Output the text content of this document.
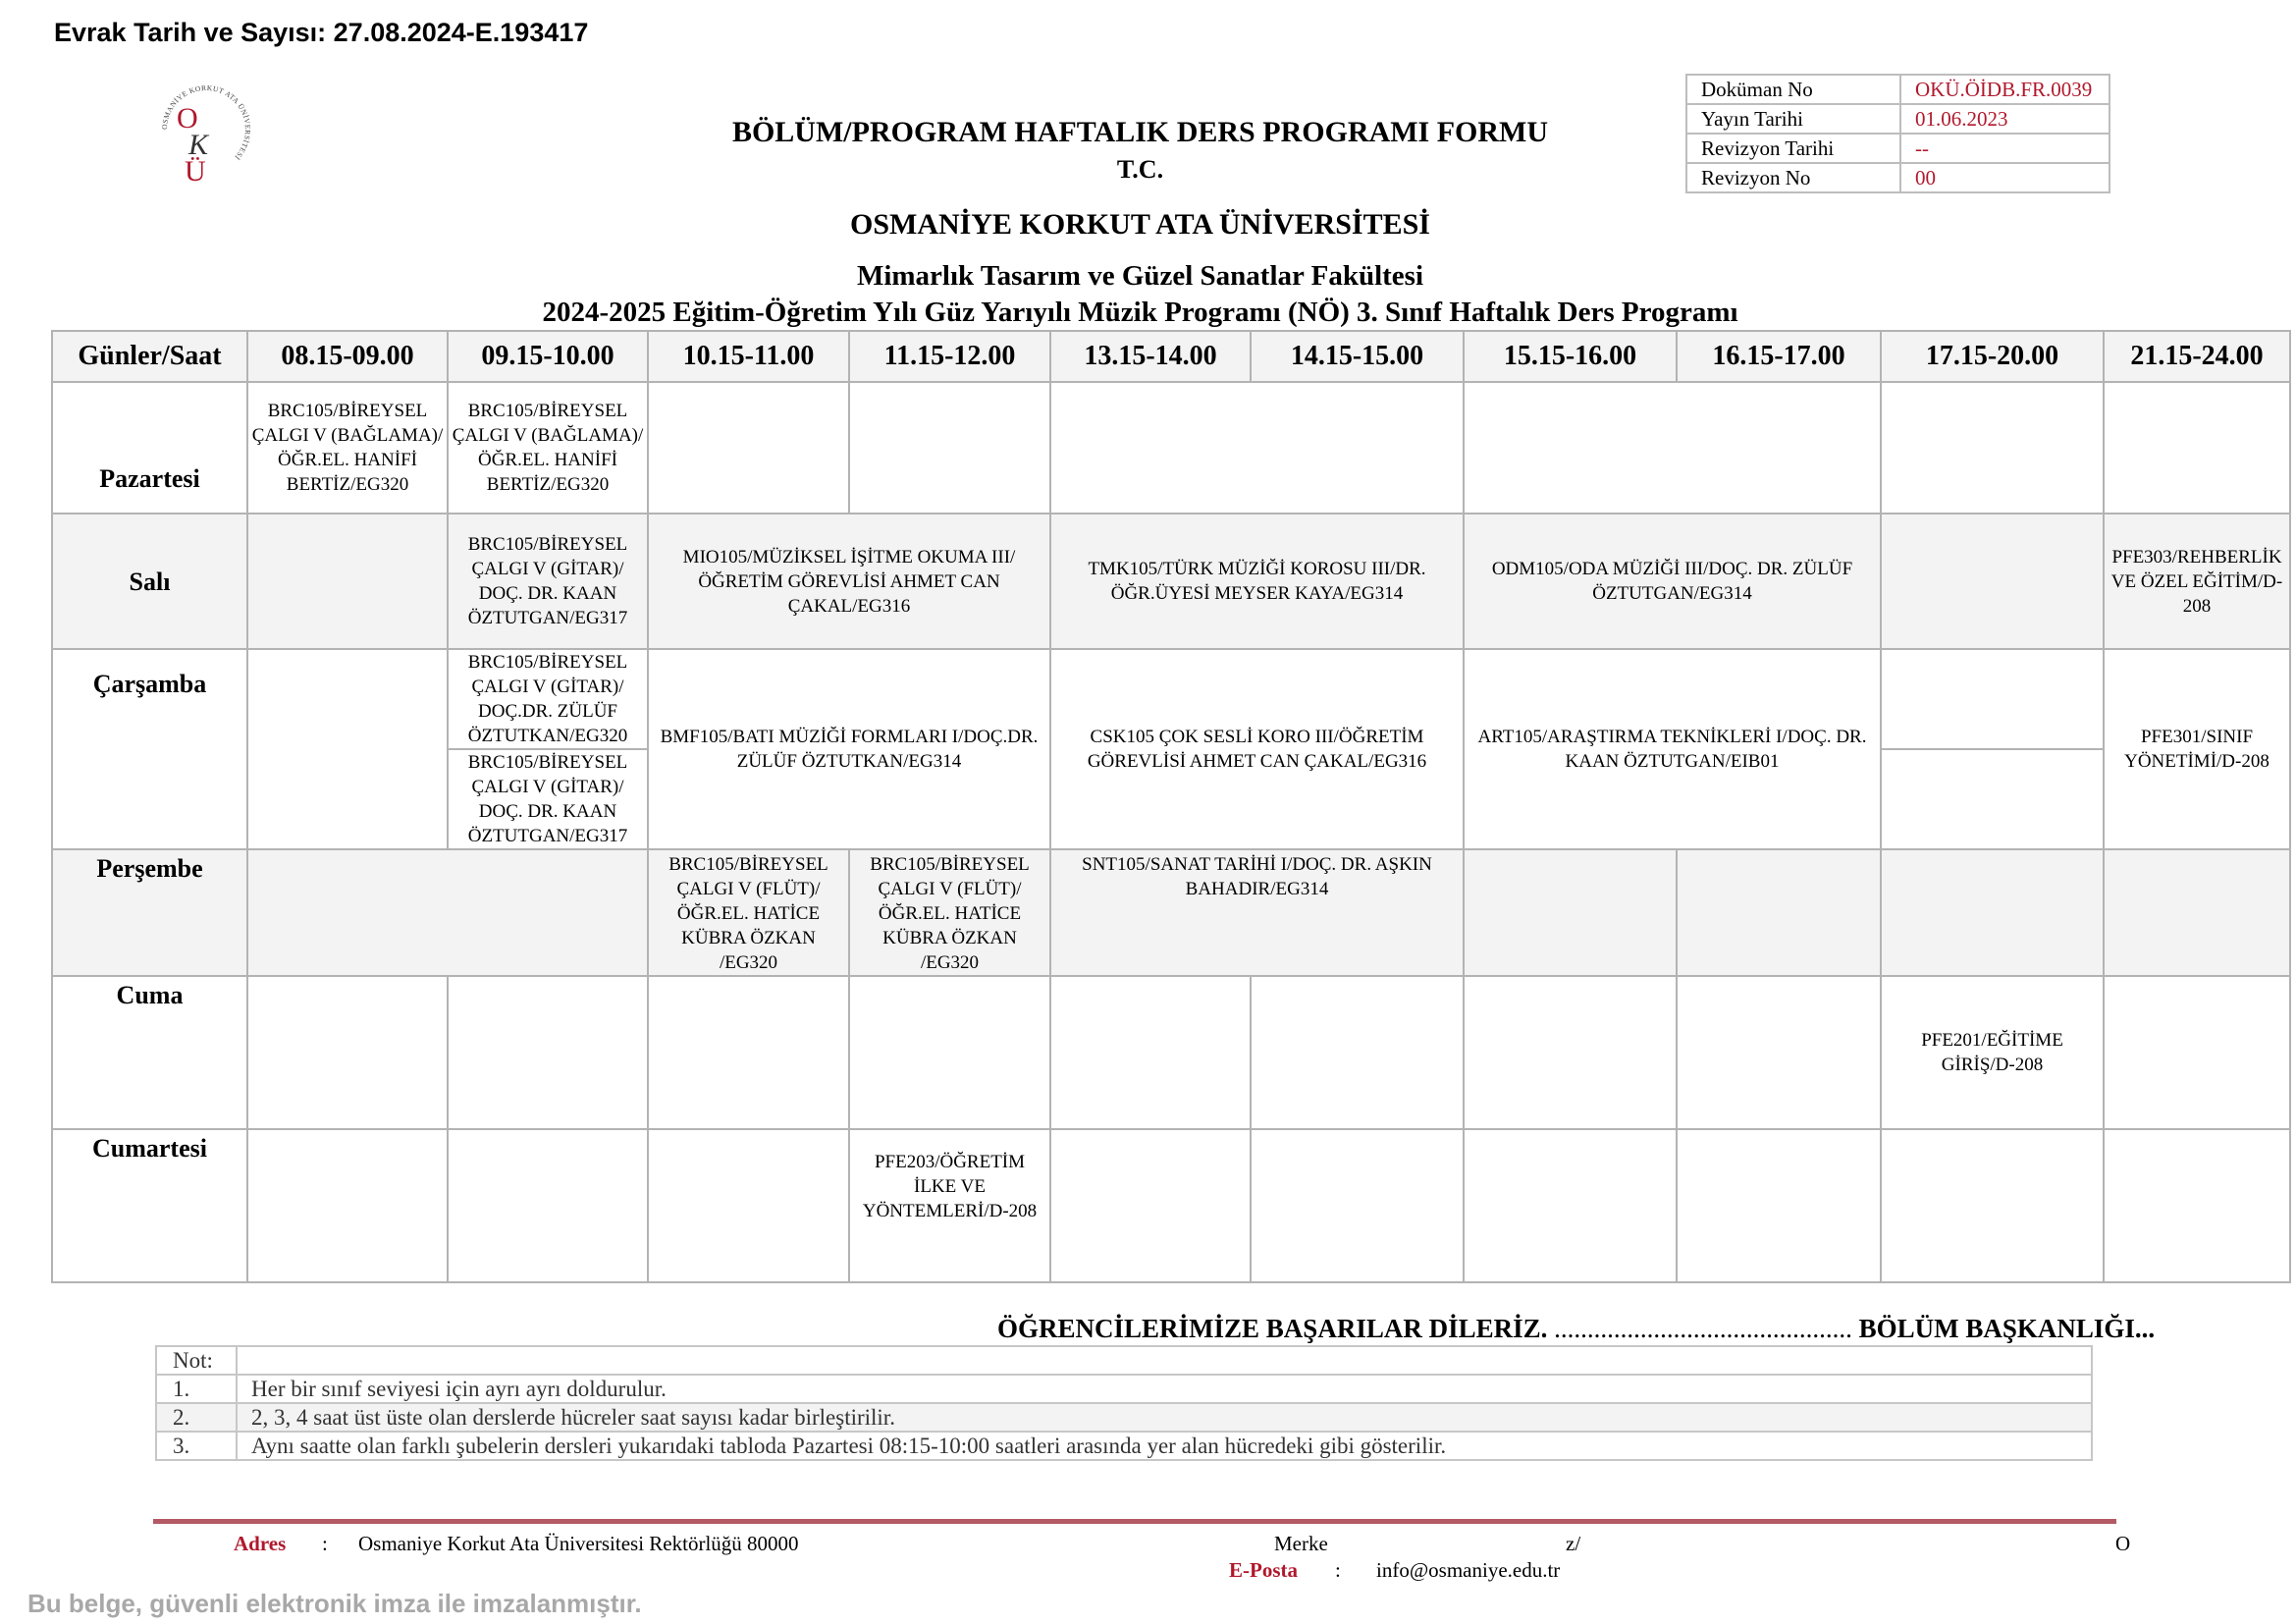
Evrak Tarih ve Sayısı: 27.08.2024-E.193417
OSMANİYE KORKUT ATA ÜNİVERSİTESİ
O
K
Ü
BÖLÜM/PROGRAM HAFTALIK DERS PROGRAMI FORMU
T.C.
OSMANİYE KORKUT ATA ÜNİVERSİTESİ
Mimarlık Tasarım ve Güzel Sanatlar Fakültesi
2024-2025 Eğitim-Öğretim Yılı Güz Yarıyılı Müzik Programı (NÖ) 3. Sınıf Haftalık Ders Programı
Doküman No	OKÜ.ÖİDB.FR.0039
Yayın Tarihi	01.06.2023
Revizyon Tarihi	--
Revizyon No	00
Günler/Saat	08.15-09.00	09.15-10.00	10.15-11.00	11.15-12.00	13.15-14.00	14.15-15.00	15.15-16.00	16.15-17.00	17.15-20.00	21.15-24.00
Pazartesi	BRC105/BİREYSEL ÇALGI V (BAĞLAMA)/ ÖĞR.EL. HANİFİ BERTİZ/EG320	BRC105/BİREYSEL ÇALGI V (BAĞLAMA)/ÖĞR.EL. HANİFİ BERTİZ/EG320								
Salı		BRC105/BİREYSEL ÇALGI V (GİTAR)/ DOÇ. DR. KAAN ÖZTUTGAN/EG317	MIO105/MÜZİKSEL İŞİTME OKUMA III/ÖĞRETİM GÖREVLİSİ AHMET CAN ÇAKAL/EG316		TMK105/TÜRK MÜZİĞİ KOROSU III/DR. ÖĞR.ÜYESİ MEYSER KAYA/EG314		ODM105/ODA MÜZİĞİ III/DOÇ. DR. ZÜLÜF ÖZTUTGAN/EG314			PFE303/REHBERLİK VE ÖZEL EĞİTİM/D-208
Çarşamba		BRC105/BİREYSEL ÇALGI V (GİTAR)/ DOÇ.DR. ZÜLÜF ÖZTUTKAN/EG320	BMF105/BATI MÜZİĞİ FORMLARI I/DOÇ.DR. ZÜLÜF ÖZTUTKAN/EG314		CSK105 ÇOK SESLİ KORO III/ÖĞRETİM GÖREVLİSİ AHMET CAN ÇAKAL/EG316		ART105/ARAŞTIRMA TEKNİKLERİ I/DOÇ. DR. KAAN ÖZTUTGAN/EIB01			PFE301/SINIF YÖNETİMİ/D-208
		BRC105/BİREYSEL ÇALGI V (GİTAR)/ DOÇ. DR. KAAN ÖZTUTGAN/EG317								
Perşembe			BRC105/BİREYSEL ÇALGI V (FLÜT)/ÖĞR.EL. HATİCE KÜBRA ÖZKAN /EG320	BRC105/BİREYSEL ÇALGI V (FLÜT)/ÖĞR.EL. HATİCE KÜBRA ÖZKAN /EG320	SNT105/SANAT TARİHİ I/DOÇ. DR. AŞKIN BAHADIR/EG314					
Cuma									PFE201/EĞİTİME GİRİŞ/D-208	
Cumartesi				PFE203/ÖĞRETİM İLKE VE YÖNTEMLERİ/D-208						
ÖĞRENCİLERİMİZE BAŞARILAR DİLERİZ. ............................................. BÖLÜM BAŞKANLIĞI...
Not:	
1.	Her bir sınıf seviyesi için ayrı ayrı doldurulur.
2.	2, 3, 4 saat üst üste olan derslerde hücreler saat sayısı kadar birleştirilir.
3.	Aynı saatte olan farklı şubelerin dersleri yukarıdaki tabloda Pazartesi 08:15-10:00 saatleri arasında yer alan hücredeki gibi gösterilir.
Adres : Osmaniye Korkut Ata Üniversitesi Rektörlüğü 80000	Merke	z/	O
E-Posta : info@osmaniye.edu.tr
Bu belge, güvenli elektronik imza ile imzalanmıştır.
